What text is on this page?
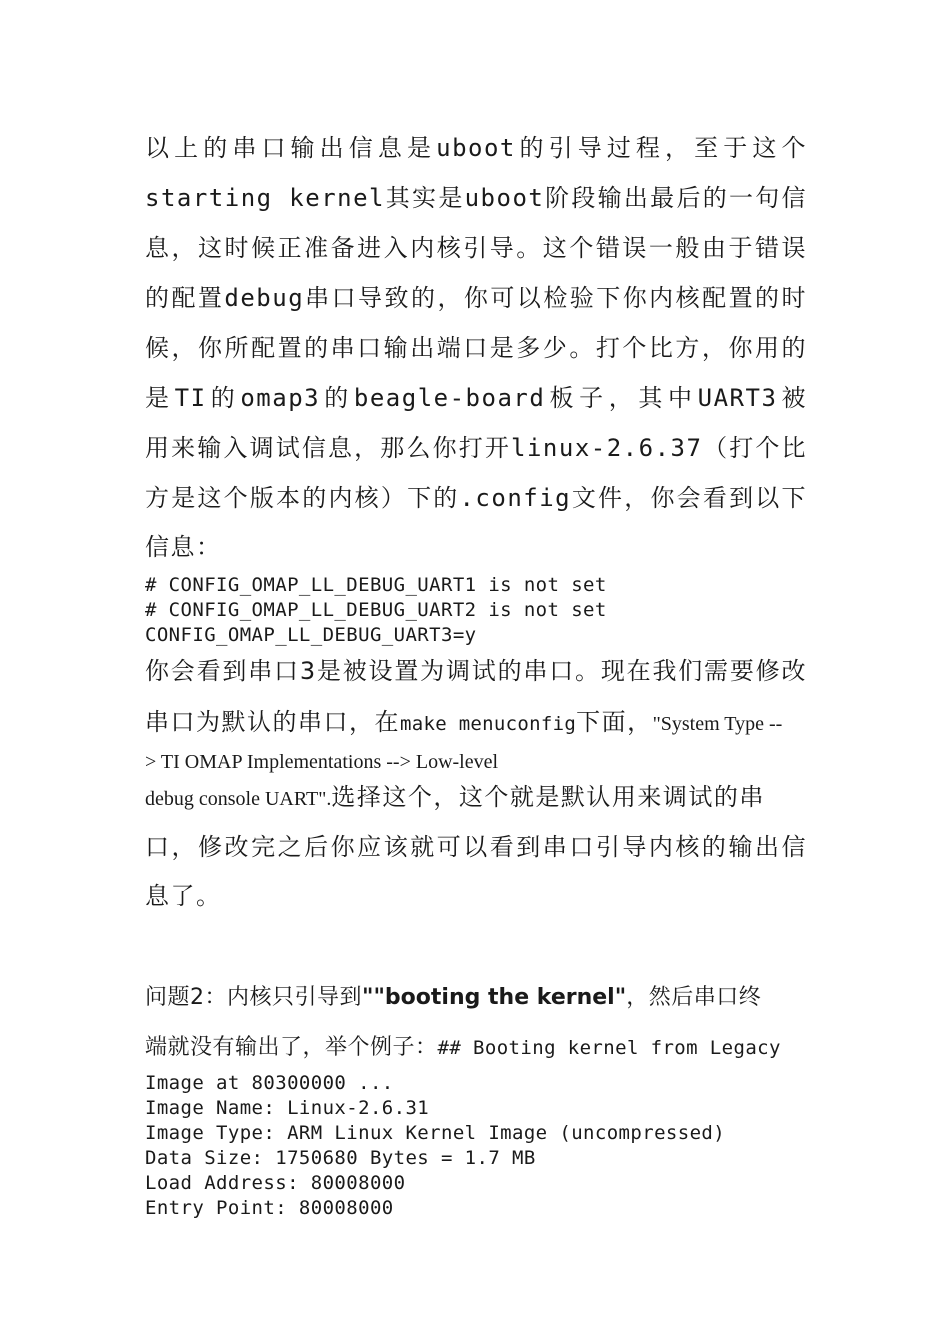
以上的串口输出信息是uboot的引导过程，至于这个
starting kernel其实是uboot阶段输出最后的一句信
息，这时候正准备进入内核引导。这个错误一般由于错误
的配置debug串口导致的，你可以检验下你内核配置的时
候，你所配置的串口输出端口是多少。打个比方，你用的
是TI的omap3的beagle-board板子，其中UART3被
用来输入调试信息，那么你打开linux-2.6.37（打个比
方是这个版本的内核）下的.config文件，你会看到以下
信息：
# CONFIG_OMAP_LL_DEBUG_UART1 is not set
# CONFIG_OMAP_LL_DEBUG_UART2 is not set
CONFIG_OMAP_LL_DEBUG_UART3=y
你会看到串口3是被设置为调试的串口。现在我们需要修改
串口为默认的串口，在make menuconfig下面，"System Type --
> TI OMAP Implementations --> Low-level
debug console UART".选择这个，这个就是默认用来调试的串
口，修改完之后你应该就可以看到串口引导内核的输出信
息了。
问题2：内核只引导到""booting the kernel"，然后串口终
端就没有输出了，举个例子：## Booting kernel from Legacy
Image at 80300000 ...
Image Name: Linux-2.6.31
Image Type: ARM Linux Kernel Image (uncompressed)
Data Size: 1750680 Bytes = 1.7 MB
Load Address: 80008000
Entry Point: 80008000
